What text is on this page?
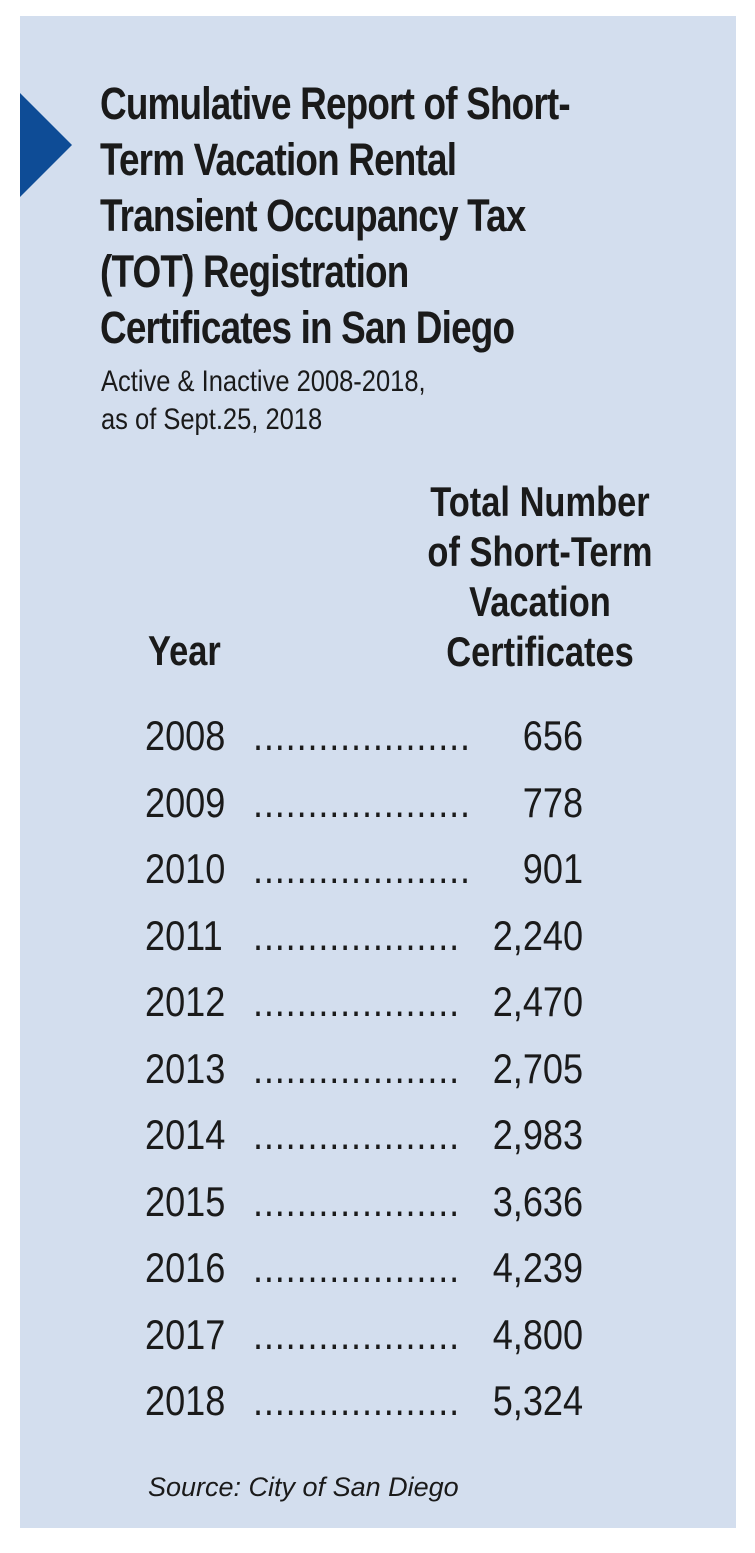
Cumulative Report of Short-
Term Vacation Rental
Transient Occupancy Tax
(TOT) Registration
Certificates in San Diego
Active & Inactive 2008-2018,
as of Sept.25, 2018
Total Number
of Short-Term
Vacation
Certificates
Year
2008 .................... 656
2009 .................... 778
2010 .................... 901
2011 ................... 2,240
2012 ................... 2,470
2013 ................... 2,705
2014 ................... 2,983
2015 ................... 3,636
2016 ................... 4,239
2017 ................... 4,800
2018 ................... 5,324
Source: City of San Diego
